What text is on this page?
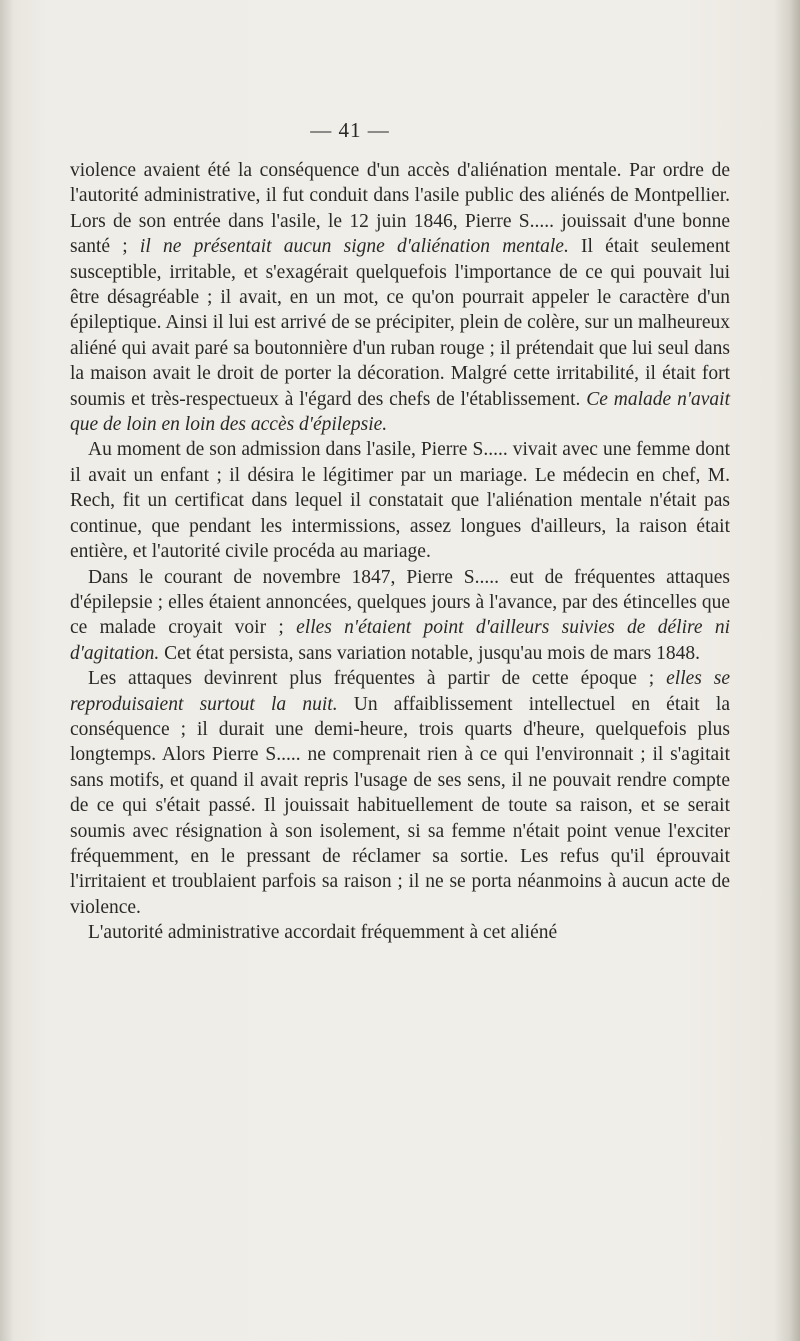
— 41 —

violence avaient été la conséquence d'un accès d'aliénation mentale. Par ordre de l'autorité administrative, il fut conduit dans l'asile public des aliénés de Montpellier. Lors de son entrée dans l'asile, le 12 juin 1846, Pierre S..... jouissait d'une bonne santé ; il ne présentait aucun signe d'aliénation mentale. Il était seulement susceptible, irritable, et s'exagérait quelquefois l'importance de ce qui pouvait lui être désagréable ; il avait, en un mot, ce qu'on pourrait appeler le caractère d'un épileptique. Ainsi il lui est arrivé de se précipiter, plein de colère, sur un malheureux aliéné qui avait paré sa boutonnière d'un ruban rouge ; il prétendait que lui seul dans la maison avait le droit de porter la décoration. Malgré cette irritabilité, il était fort soumis et très-respectueux à l'égard des chefs de l'établissement. Ce malade n'avait que de loin en loin des accès d'épilepsie.

Au moment de son admission dans l'asile, Pierre S..... vivait avec une femme dont il avait un enfant ; il désira le légitimer par un mariage. Le médecin en chef, M. Rech, fit un certificat dans lequel il constatait que l'aliénation mentale n'était pas continue, que pendant les intermissions, assez longues d'ailleurs, la raison était entière, et l'autorité civile procéda au mariage.

Dans le courant de novembre 1847, Pierre S..... eut de fréquentes attaques d'épilepsie ; elles étaient annoncées, quelques jours à l'avance, par des étincelles que ce malade croyait voir ; elles n'étaient point d'ailleurs suivies de délire ni d'agitation. Cet état persista, sans variation notable, jusqu'au mois de mars 1848.

Les attaques devinrent plus fréquentes à partir de cette époque ; elles se reproduisaient surtout la nuit. Un affaiblissement intellectuel en était la conséquence ; il durait une demi-heure, trois quarts d'heure, quelquefois plus longtemps. Alors Pierre S..... ne comprenait rien à ce qui l'environnait ; il s'agitait sans motifs, et quand il avait repris l'usage de ses sens, il ne pouvait rendre compte de ce qui s'était passé. Il jouissait habituellement de toute sa raison, et se serait soumis avec résignation à son isolement, si sa femme n'était point venue l'exciter fréquemment, en le pressant de réclamer sa sortie. Les refus qu'il éprouvait l'irritaient et troublaient parfois sa raison ; il ne se porta néanmoins à aucun acte de violence.

L'autorité administrative accordait fréquemment à cet aliéné
